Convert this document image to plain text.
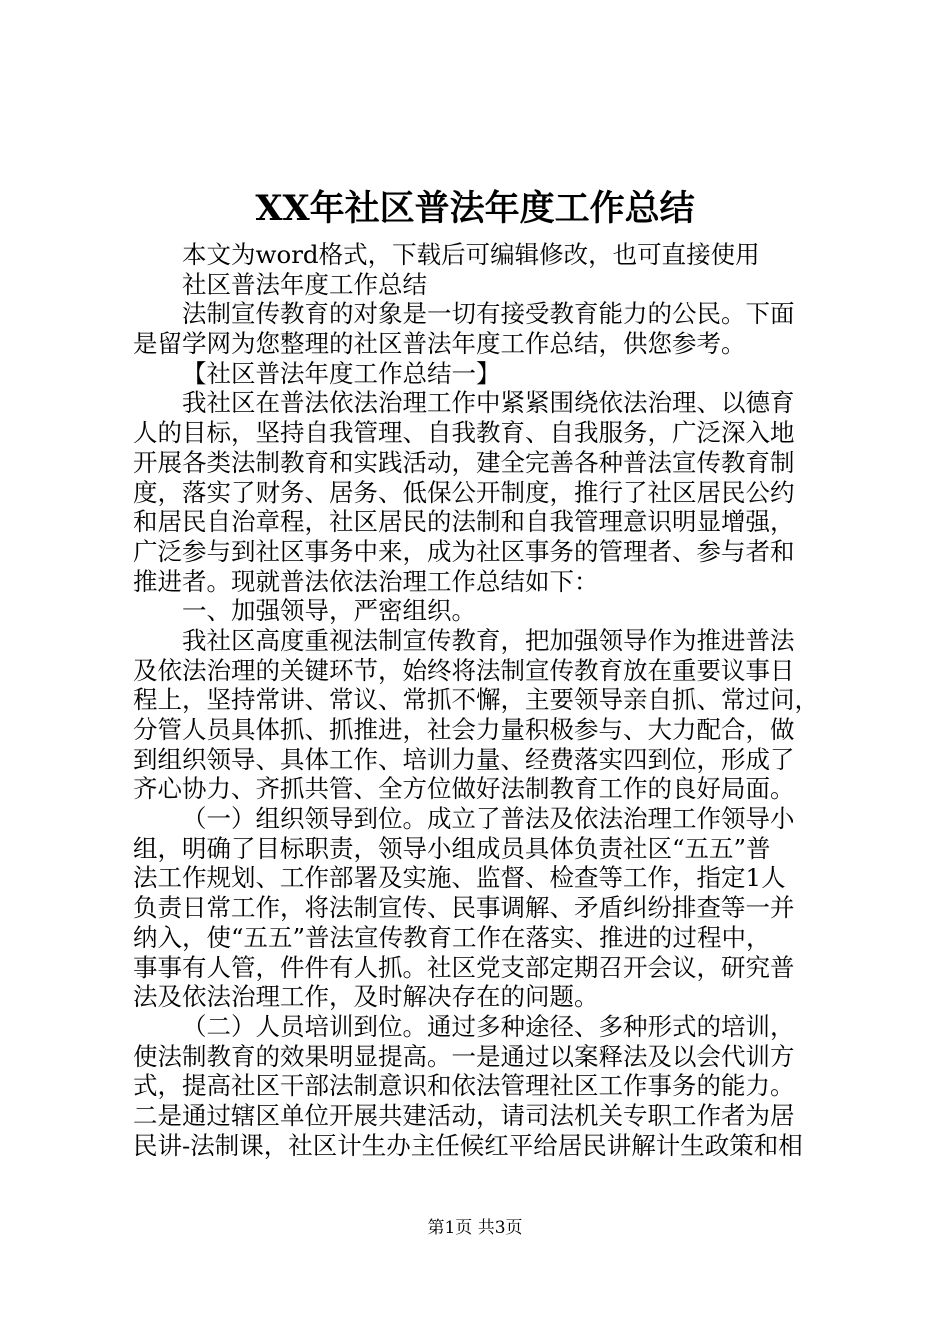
XX年社区普法年度工作总结
本文为word格式，下载后可编辑修改，也可直接使用
社区普法年度工作总结
法制宣传教育的对象是一切有接受教育能力的公民。下面
是留学网为您整理的社区普法年度工作总结，供您参考。
【社区普法年度工作总结一】
我社区在普法依法治理工作中紧紧围绕依法治理、以德育
人的目标，坚持自我管理、自我教育、自我服务，广泛深入地
开展各类法制教育和实践活动，建全完善各种普法宣传教育制
度，落实了财务、居务、低保公开制度，推行了社区居民公约
和居民自治章程，社区居民的法制和自我管理意识明显增强，
广泛参与到社区事务中来，成为社区事务的管理者、参与者和
推进者。现就普法依法治理工作总结如下：
一、加强领导，严密组织。
我社区高度重视法制宣传教育，把加强领导作为推进普法
及依法治理的关键环节，始终将法制宣传教育放在重要议事日
程上，坚持常讲、常议、常抓不懈，主要领导亲自抓、常过问，
分管人员具体抓、抓推进，社会力量积极参与、大力配合，做
到组织领导、具体工作、培训力量、经费落实四到位，形成了
齐心协力、齐抓共管、全方位做好法制教育工作的良好局面。
（一）组织领导到位。成立了普法及依法治理工作领导小
组，明确了目标职责，领导小组成员具体负责社区“五五”普
法工作规划、工作部署及实施、监督、检查等工作，指定1人
负责日常工作，将法制宣传、民事调解、矛盾纠纷排查等一并
纳入，使“五五”普法宣传教育工作在落实、推进的过程中，
事事有人管，件件有人抓。社区党支部定期召开会议，研究普
法及依法治理工作，及时解决存在的问题。
（二）人员培训到位。通过多种途径、多种形式的培训，
使法制教育的效果明显提高。一是通过以案释法及以会代训方
式，提高社区干部法制意识和依法管理社区工作事务的能力。
二是通过辖区单位开展共建活动，请司法机关专职工作者为居
民讲-法制课，社区计生办主任候红平给居民讲解计生政策和相
第1页 共3页
